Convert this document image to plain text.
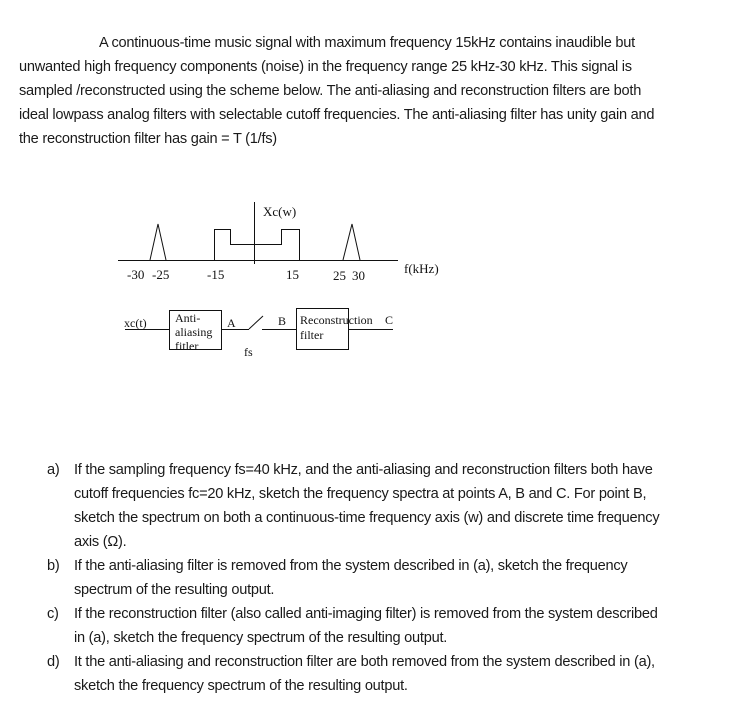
A continuous-time music signal with maximum frequency 15kHz contains inaudible but
unwanted high frequency components (noise) in the frequency range 25 kHz-30 kHz. This signal is
sampled /reconstructed using the scheme below. The anti-aliasing and reconstruction filters are both
ideal lowpass analog filters with selectable cutoff frequencies. The anti-aliasing filter has unity gain and
the reconstruction filter has gain = T (1/fs)
Xc(w)
f(kHz)
-30 -25	-15	15	25 30
xc(t) Anti-
aliasing
fitler
A
fs
B Reconstruction
filter
C
a) If the sampling frequency fs=40 kHz, and the anti-aliasing and reconstruction filters both have
cutoff frequencies fc=20 kHz, sketch the frequency spectra at points A, B and C. For point B,
sketch the spectrum on both a continuous-time frequency axis (w) and discrete time frequency
axis (Ω).
b) If the anti-aliasing filter is removed from the system described in (a), sketch the frequency
spectrum of the resulting output.
c) If the reconstruction filter (also called anti-imaging filter) is removed from the system described
in (a), sketch the frequency spectrum of the resulting output.
d) It the anti-aliasing and reconstruction filter are both removed from the system described in (a),
sketch the frequency spectrum of the resulting output.
